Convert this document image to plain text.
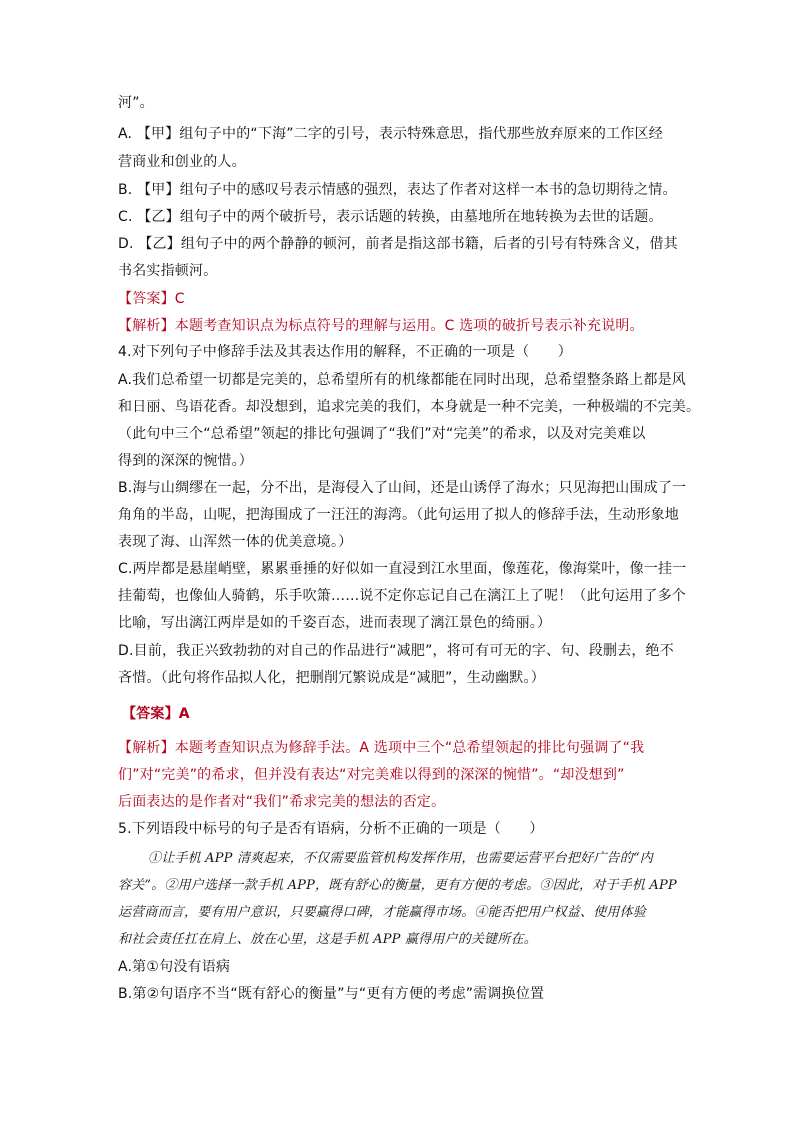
河”。
A. 【甲】组句子中的“下海”二字的引号，表示特殊意思，指代那些放弃原来的工作区经
营商业和创业的人。
B. 【甲】组句子中的感叹号表示情感的强烈，表达了作者对这样一本书的急切期待之情。
C. 【乙】组句子中的两个破折号，表示话题的转换，由墓地所在地转换为去世的话题。
D. 【乙】组句子中的两个静静的顿河，前者是指这部书籍，后者的引号有特殊含义，借其
书名实指顿河。
【答案】C
【解析】本题考查知识点为标点符号的理解与运用。C 选项的破折号表示补充说明。
4.对下列句子中修辞手法及其表达作用的解释，不正确的一项是（　　）
A.我们总希望一切都是完美的，总希望所有的机缘都能在同时出现，总希望整条路上都是风
和日丽、鸟语花香。却没想到，追求完美的我们，本身就是一种不完美，一种极端的不完美。
（此句中三个“总希望”领起的排比句强调了“我们”对“完美”的希求，以及对完美难以
得到的深深的惋惜。）
B.海与山绸缪在一起，分不出，是海侵入了山间，还是山诱俘了海水；只见海把山围成了一
角角的半岛，山呢，把海围成了一汪汪的海湾。（此句运用了拟人的修辞手法，生动形象地
表现了海、山浑然一体的优美意境。）
C.两岸都是悬崖峭壁，累累垂捶的好似如一直浸到江水里面，像莲花，像海棠叶，像一挂一
挂葡萄，也像仙人骑鹤，乐手吹箫……说不定你忘记自己在漓江上了呢！（此句运用了多个
比喻，写出漓江两岸是如的千姿百态，进而表现了漓江景色的绮丽。）
D.目前，我正兴致勃勃的对自己的作品进行“减肥”，将可有可无的字、句、段删去，绝不
吝惜。（此句将作品拟人化，把删削冗繁说成是“减肥”，生动幽默。）
【答案】A
【解析】本题考查知识点为修辞手法。A 选项中三个“总希望领起的排比句强调了“我
们”对“完美”的希求，但并没有表达“对完美难以得到的深深的惋惜”。“却没想到”
后面表达的是作者对“我们”希求完美的想法的否定。
5.下列语段中标号的句子是否有语病，分析不正确的一项是（　　）
①让手机 APP 清爽起来，不仅需要监管机构发挥作用，也需要运营平台把好广告的“内
容关”。②用户选择一款手机 APP，既有舒心的衡量，更有方便的考虑。③因此，对于手机 APP
运营商而言，要有用户意识，只要赢得口碑，才能赢得市场。④能否把用户权益、使用体验
和社会责任扛在肩上、放在心里，这是手机 APP 赢得用户的关键所在。
A.第①句没有语病
B.第②句语序不当“既有舒心的衡量”与“更有方便的考虑”需调换位置
